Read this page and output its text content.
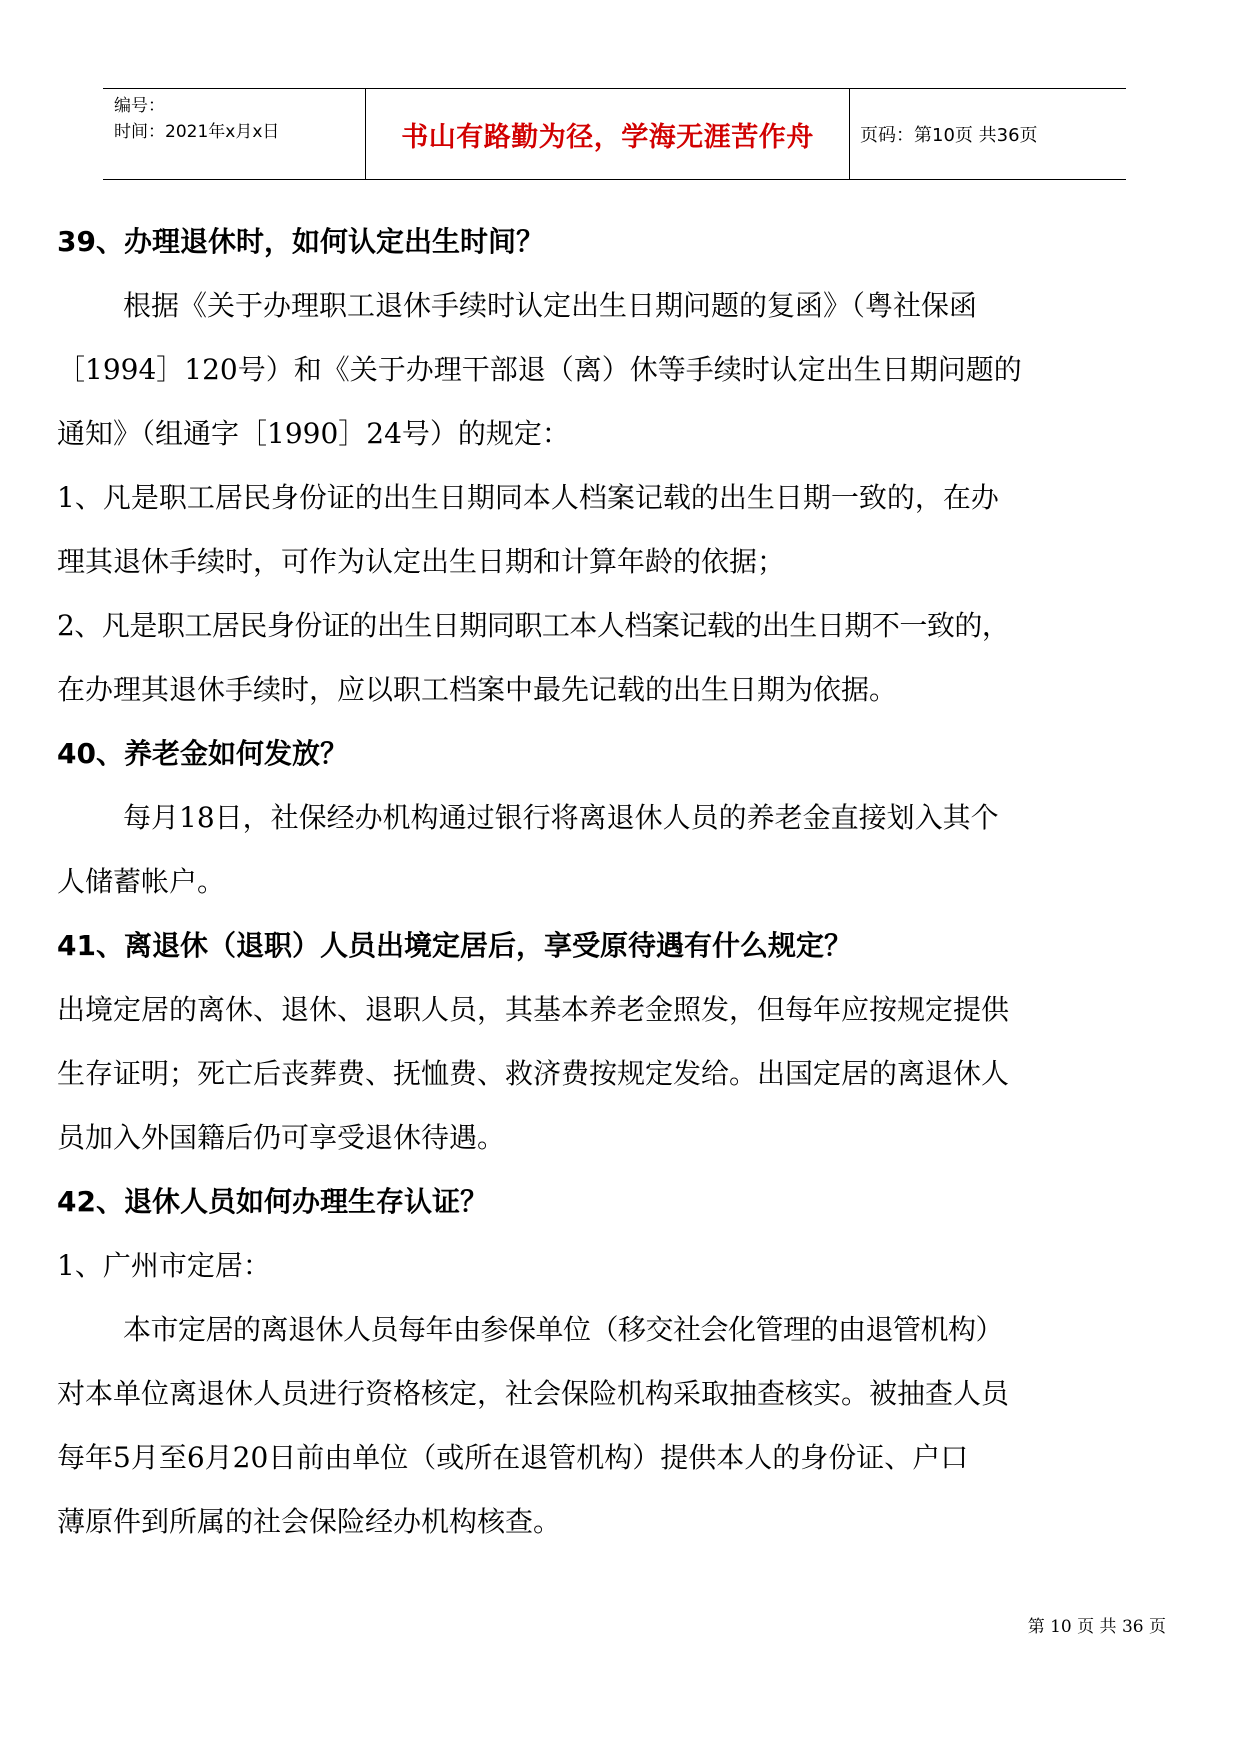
编号：
时间：2021年x月x日	书山有路勤为径，学海无涯苦作舟	页码：第10页 共36页
39、办理退休时，如何认定出生时间？
根据《关于办理职工退休手续时认定出生日期问题的复函》（粤社保函
［1994］120号）和《关于办理干部退（离）休等手续时认定出生日期问题的
通知》（组通字［1990］24号）的规定：
1、凡是职工居民身份证的出生日期同本人档案记载的出生日期一致的，在办
理其退休手续时，可作为认定出生日期和计算年龄的依据；
2、凡是职工居民身份证的出生日期同职工本人档案记载的出生日期不一致的，
在办理其退休手续时，应以职工档案中最先记载的出生日期为依据。
40、养老金如何发放？
每月18日，社保经办机构通过银行将离退休人员的养老金直接划入其个
人储蓄帐户。
41、离退休（退职）人员出境定居后，享受原待遇有什么规定？
出境定居的离休、退休、退职人员，其基本养老金照发，但每年应按规定提供
生存证明；死亡后丧葬费、抚恤费、救济费按规定发给。出国定居的离退休人
员加入外国籍后仍可享受退休待遇。
42、退休人员如何办理生存认证？
1、广州市定居：
本市定居的离退休人员每年由参保单位（移交社会化管理的由退管机构）
对本单位离退休人员进行资格核定，社会保险机构采取抽查核实。被抽查人员
每年5月至6月20日前由单位（或所在退管机构）提供本人的身份证、户口
薄原件到所属的社会保险经办机构核查。
第 10 页 共 36 页
